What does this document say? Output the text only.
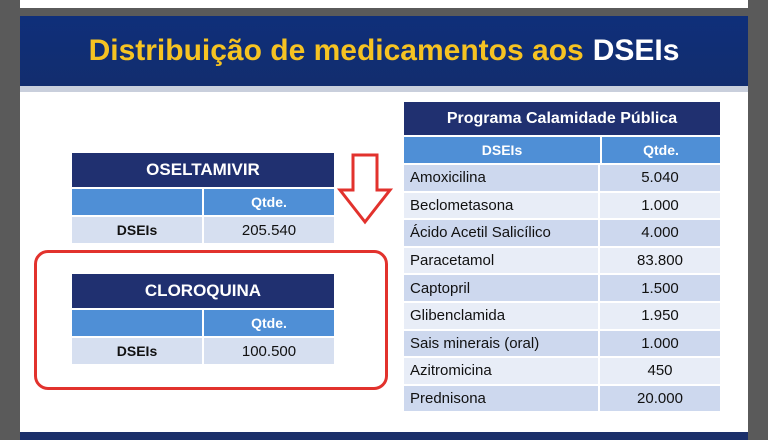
Distribuição de medicamentos aos DSEIs
OSELTAMIVIR
Qtde.
DSEIs	205.540
CLOROQUINA
Qtde.
DSEIs	100.500
Programa Calamidade Pública
DSEIs	Qtde.
Amoxicilina	5.040
Beclometasona	1.000
Ácido Acetil Salicílico	4.000
Paracetamol	83.800
Captopril	1.500
Glibenclamida	1.950
Sais minerais (oral)	1.000
Azitromicina	450
Prednisona	20.000
